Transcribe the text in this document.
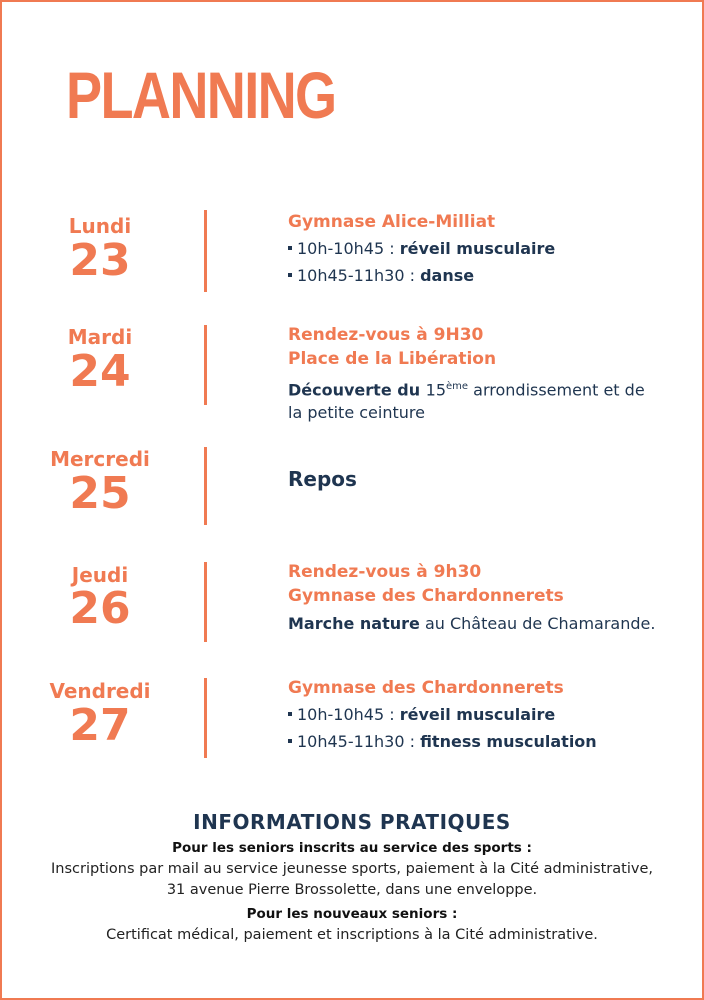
PLANNING
Lundi
23

Gymnase Alice-Milliat

10h-10h45 : réveil musculaire

10h45-11h30 : danse

Mardi
24

Rendez-vous à 9H30

Place de la Libération

Découverte du 15ème arrondissement et de
la petite ceinture

Mercredi
25	Repos
Jeudi
26

Rendez-vous à 9h30

Gymnase des Chardonnerets

Marche nature au Château de Chamarande.

Vendredi
27

Gymnase des Chardonnerets

10h-10h45 : réveil musculaire

10h45-11h30 : fitness musculation

INFORMATIONS PRATIQUES
Pour les seniors inscrits au service des sports :
Inscriptions par mail au service jeunesse sports, paiement à la Cité administrative,
31 avenue Pierre Brossolette, dans une enveloppe.
Pour les nouveaux seniors :
Certificat médical, paiement et inscriptions à la Cité administrative.
